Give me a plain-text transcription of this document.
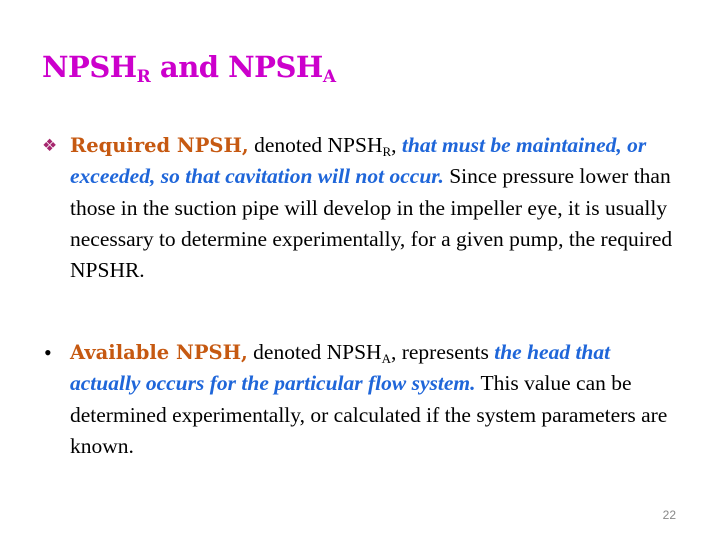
$NPSH_R$ and $NPSH_A$
❖ Required NPSH, denoted $NPSH_R$, that must be maintained, or exceeded, so that cavitation will not occur. Since pressure lower than those in the suction pipe will develop in the impeller eye, it is usually necessary to determine experimentally, for a given pump, the required NPSHR.
• Available NPSH, denoted $NPSH_A$, represents the head that actually occurs for the particular flow system. This value can be determined experimentally, or calculated if the system parameters are known.
22
